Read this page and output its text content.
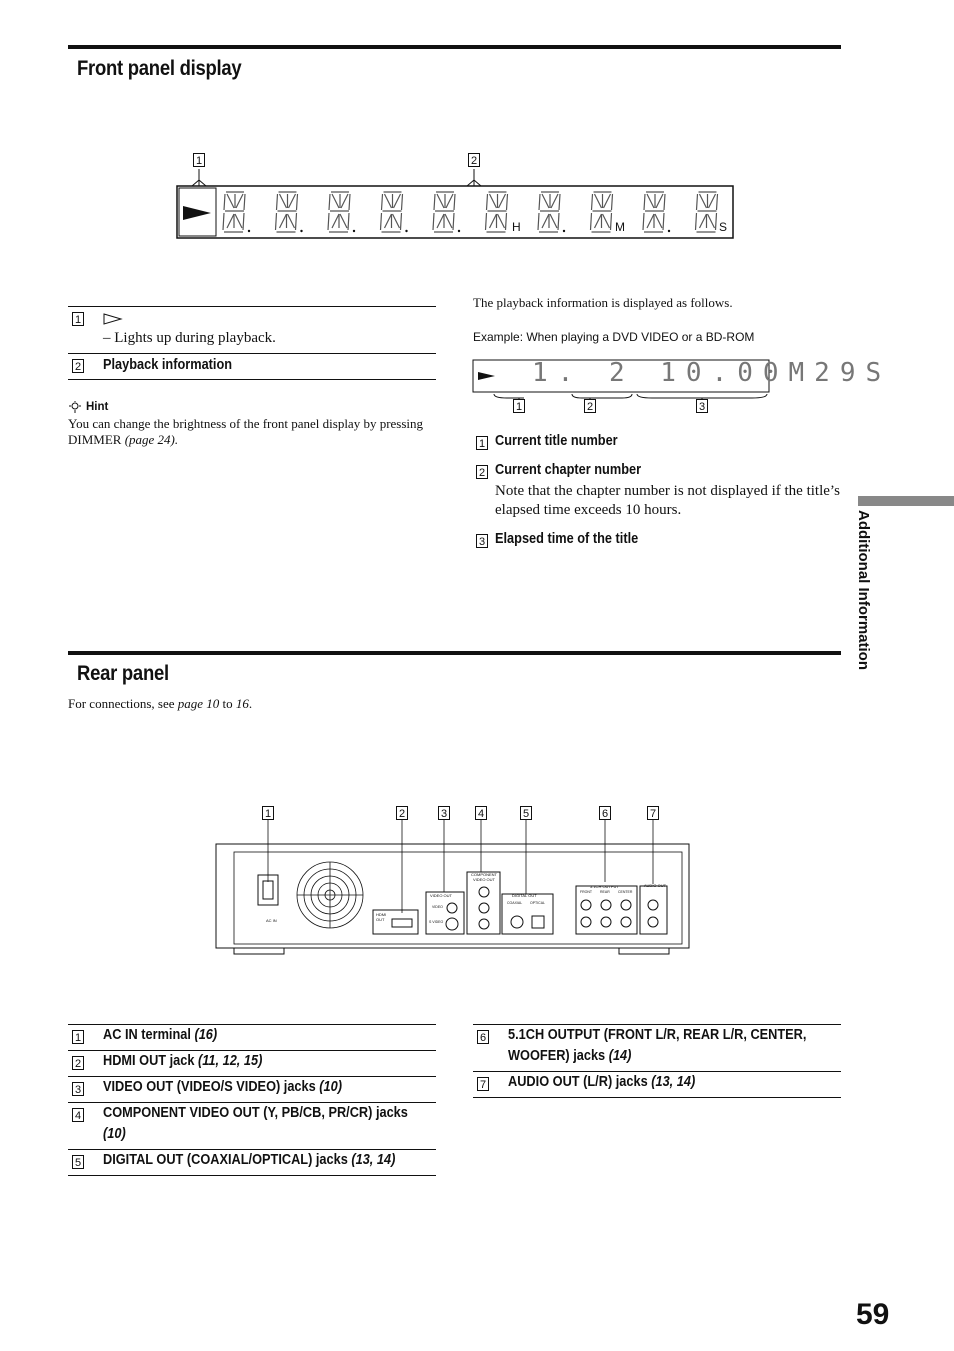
Front panel display
1	2
H	M	S
1
– Lights up during playback.
2 Playback information
Hint
You can change the brightness of the front panel display by pressing DIMMER (page 24).
The playback information is displayed as follows.
Example: When playing a DVD VIDEO or a BD-ROM
1. 2 10.00M29S
1	2	3
1 Current title number
2 Current chapter number
Note that the chapter number is not displayed if the title’s elapsed time exceeds 10 hours.
3 Elapsed time of the title	Additional Information
Rear panel
For connections, see page 10 to 16.
1	2	3	4	5	6	7
AC IN
HDMI OUT
VIDEO OUT
VIDEO
S VIDEO
COMPONENT VIDEO OUT
DIGITAL OUT
COAXIAL OPTICAL
5.1CH OUTPUT
FRONT REAR CENTER
AUDIO OUT
1 AC IN terminal (16)
2 HDMI OUT jack (11, 12, 15)
3 VIDEO OUT (VIDEO/S VIDEO) jacks (10)
4 COMPONENT VIDEO OUT (Y, PB/CB, PR/CR) jacks
(10)
5 DIGITAL OUT (COAXIAL/OPTICAL) jacks (13, 14)
6 5.1CH OUTPUT (FRONT L/R, REAR L/R, CENTER,
WOOFER) jacks (14)
7 AUDIO OUT (L/R) jacks (13, 14)
59
